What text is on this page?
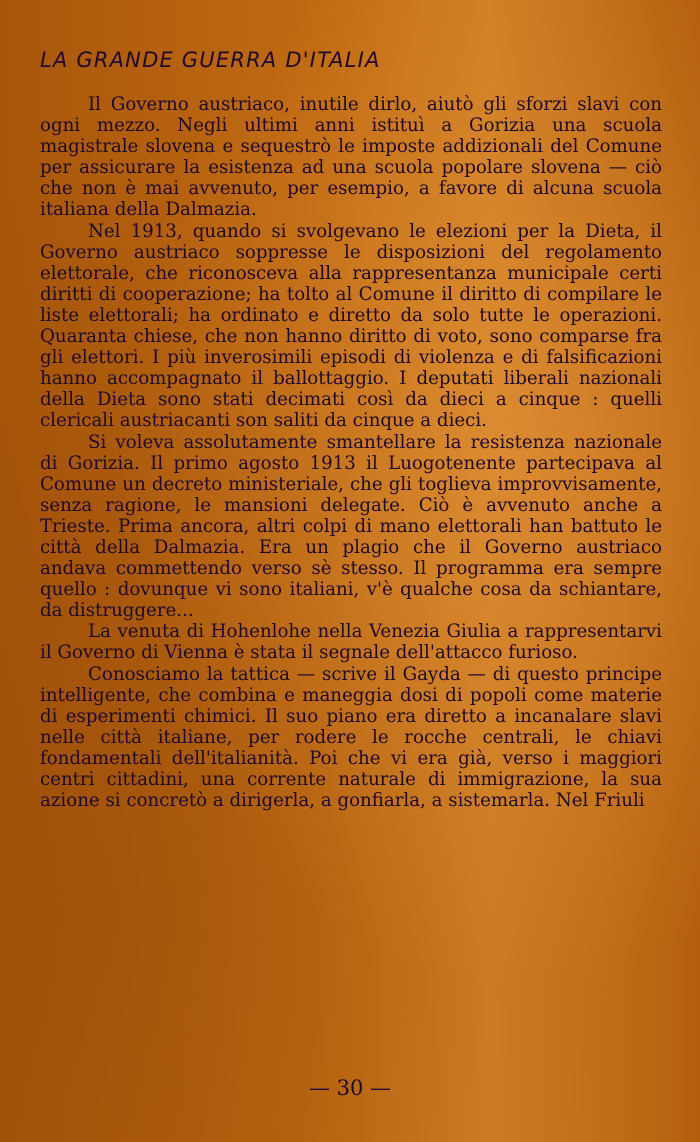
LA GRANDE GUERRA D'ITALIA

Il Governo austriaco, inutile dirlo, aiutò gli sforzi slavi con ogni mezzo. Negli ultimi anni istituì a Gorizia una scuola magistrale slovena e sequestrò le imposte addizionali del Comune per assicurare la esistenza ad una scuola popolare slovena — ciò che non è mai avvenuto, per esempio, a favore di alcuna scuola italiana della Dalmazia.

Nel 1913, quando si svolgevano le elezioni per la Dieta, il Governo austriaco soppresse le disposizioni del regolamento elettorale, che riconosceva alla rappresentanza municipale certi diritti di cooperazione; ha tolto al Comune il diritto di compilare le liste elettorali; ha ordinato e diretto da solo tutte le operazioni. Quaranta chiese, che non hanno diritto di voto, sono comparse fra gli elettori. I più inverosimili episodi di violenza e di falsificazioni hanno accompagnato il ballottaggio. I deputati liberali nazionali della Dieta sono stati decimati così da dieci a cinque : quelli clericali austriacanti son saliti da cinque a dieci.

Si voleva assolutamente smantellare la resistenza nazionale di Gorizia. Il primo agosto 1913 il Luogotenente partecipava al Comune un decreto ministeriale, che gli toglieva improvvisamente, senza ragione, le mansioni delegate. Ciò è avvenuto anche a Trieste. Prima ancora, altri colpi di mano elettorali han battuto le città della Dalmazia. Era un plagio che il Governo austriaco andava commettendo verso sè stesso. Il programma era sempre quello : dovunque vi sono italiani, v'è qualche cosa da schiantare, da distruggere...

La venuta di Hohenlohe nella Venezia Giulia a rappresentarvi il Governo di Vienna è stata il segnale dell'attacco furioso.

Conosciamo la tattica — scrive il Gayda — di questo principe intelligente, che combina e maneggia dosi di popoli come materie di esperimenti chimici. Il suo piano era diretto a incanalare slavi nelle città italiane, per rodere le rocche centrali, le chiavi fondamentali dell'italianità. Poi che vi era già, verso i maggiori centri cittadini, una corrente naturale di immigrazione, la sua azione si concretò a dirigerla, a gonfiarla, a sistemarla. Nel Friuli

— 30 —
